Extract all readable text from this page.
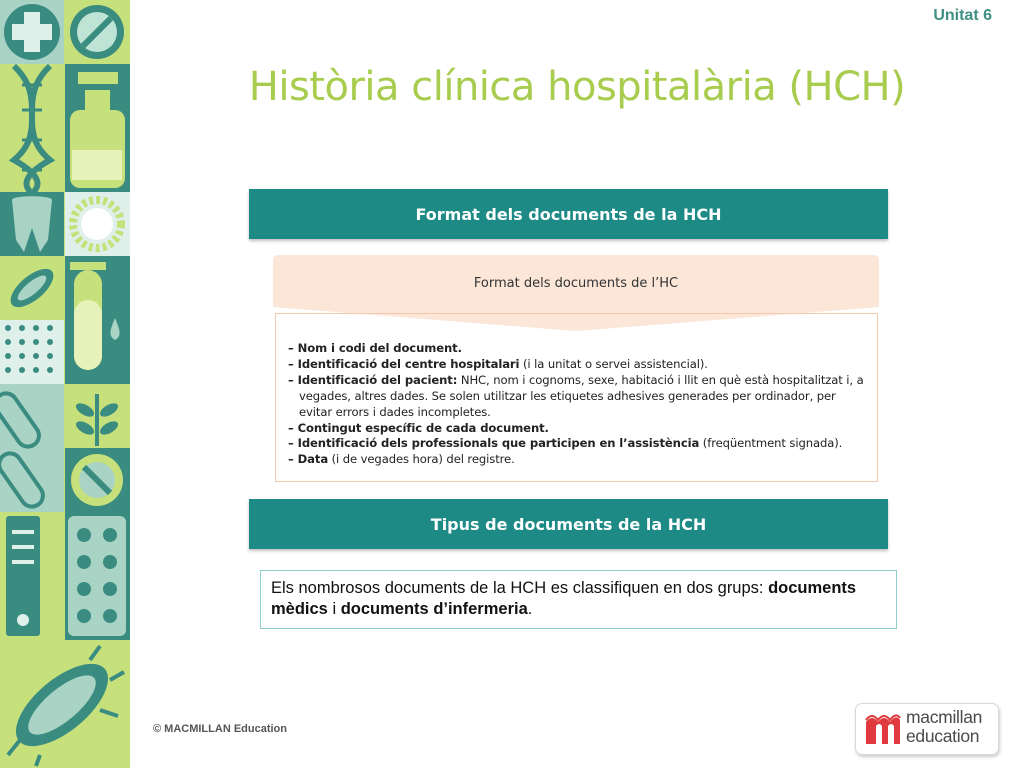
Unitat 6
Història clínica hospitalària (HCH)
Format dels documents de la HCH
Format dels documents de l’HC
– Nom i codi del document.
– Identificació del centre hospitalari (i la unitat o servei assistencial).
– Identificació del pacient: NHC, nom i cognoms, sexe, habitació i llit en què està hospitalitzat i, a vegades, altres dades. Se solen utilitzar les etiquetes adhesives generades per ordinador, per evitar errors i dades incompletes.
– Contingut específic de cada document.
– Identificació dels professionals que participen en l’assistència (freqüentment signada).
– Data (i de vegades hora) del registre.
Tipus de documents de la HCH
Els nombrosos documents de la HCH es classifiquen en dos grups: documents mèdics i documents d’infermeria.
© MACMILLAN Education
macmillan
education
